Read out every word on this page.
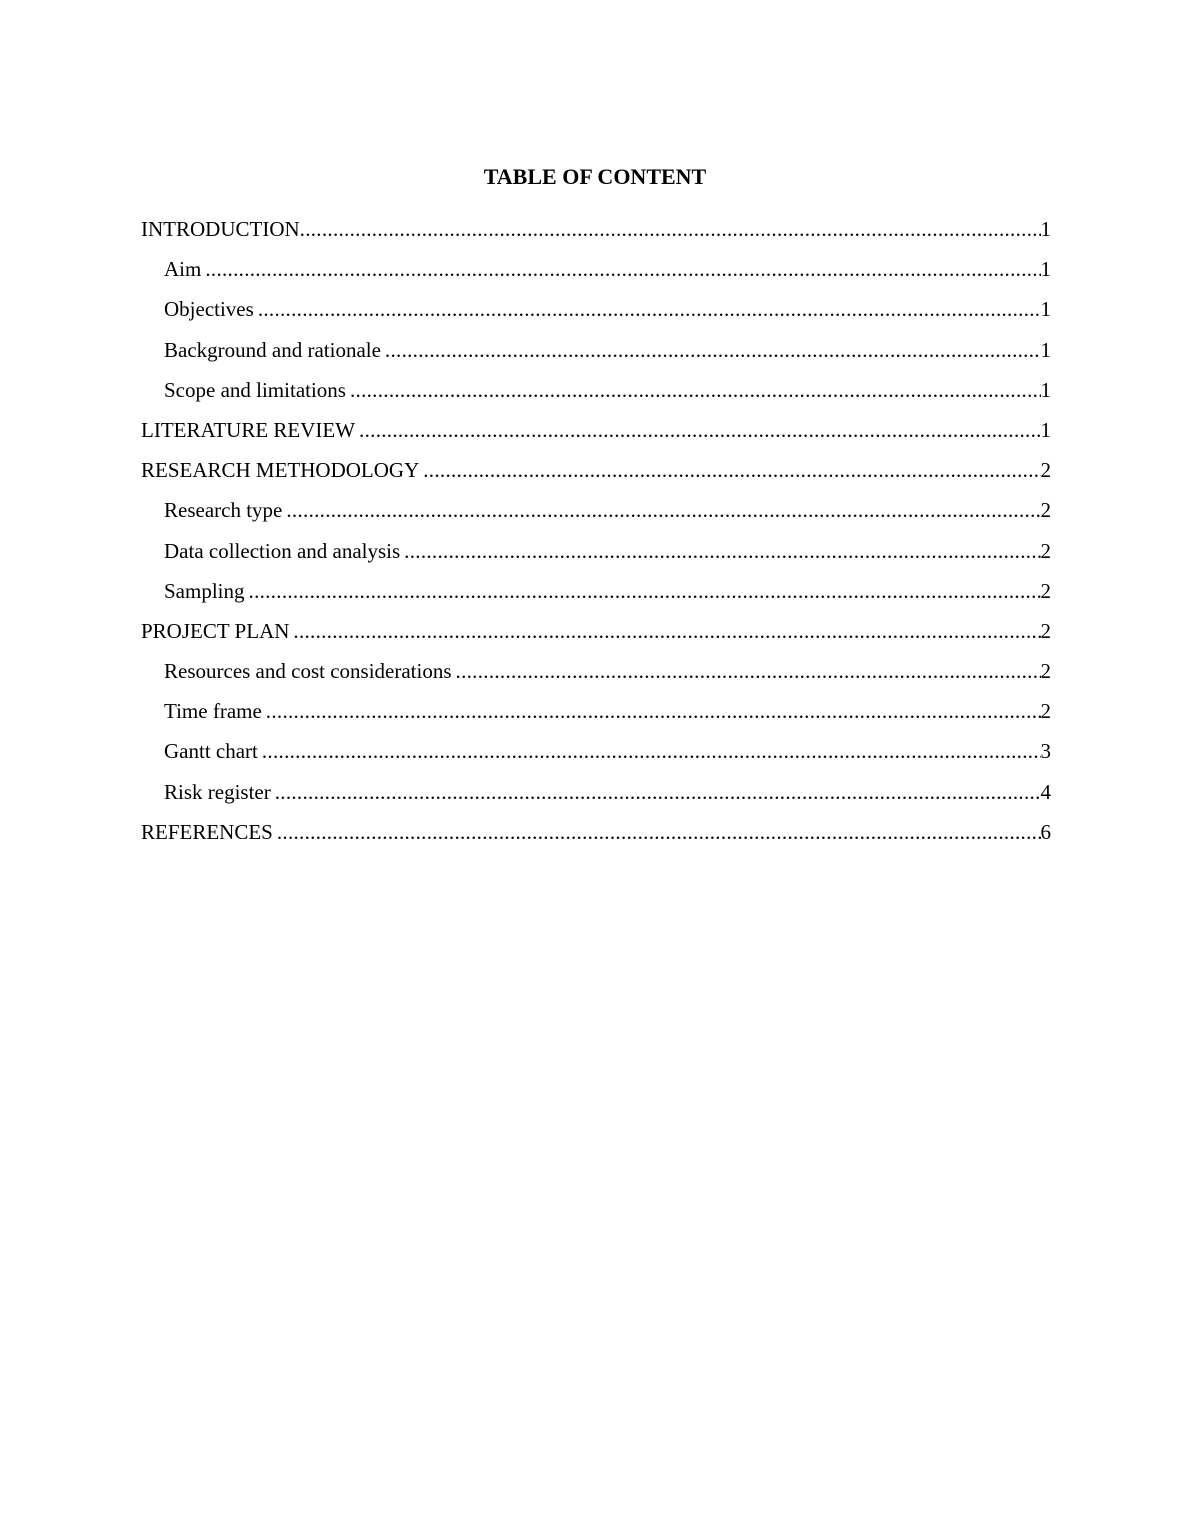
TABLE OF CONTENT
INTRODUCTION .....	1
Aim .....	1
Objectives .....	1
Background and rationale .....	1
Scope and limitations .....	1
LITERATURE REVIEW .....	1
RESEARCH METHODOLOGY .....	2
Research type .....	2
Data collection and analysis .....	2
Sampling .....	2
PROJECT PLAN .....	2
Resources and cost considerations .....	2
Time frame .....	2
Gantt chart .....	3
Risk register .....	4
REFERENCES .....	6
